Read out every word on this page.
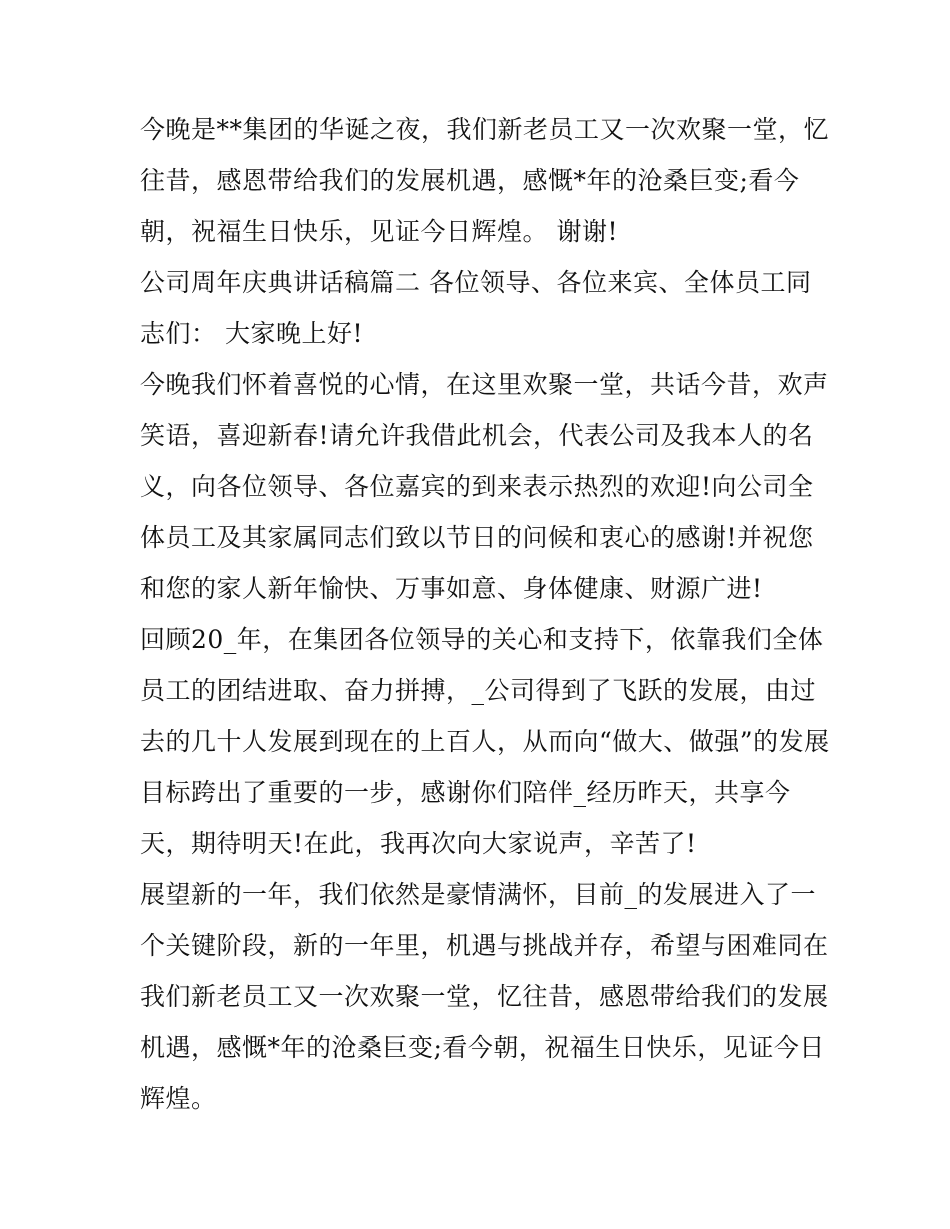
今晚是**集团的华诞之夜，我们新老员工又一次欢聚一堂，忆
往昔，感恩带给我们的发展机遇，感慨*年的沧桑巨变;看今
朝，祝福生日快乐，见证今日辉煌。 谢谢!
公司周年庆典讲话稿篇二 各位领导、各位来宾、全体员工同
志们： 大家晚上好!
今晚我们怀着喜悦的心情，在这里欢聚一堂，共话今昔，欢声
笑语，喜迎新春!请允许我借此机会，代表公司及我本人的名
义，向各位领导、各位嘉宾的到来表示热烈的欢迎!向公司全
体员工及其家属同志们致以节日的问候和衷心的感谢!并祝您
和您的家人新年愉快、万事如意、身体健康、财源广进!
回顾20_年，在集团各位领导的关心和支持下，依靠我们全体
员工的团结进取、奋力拼搏，_公司得到了飞跃的发展，由过
去的几十人发展到现在的上百人，从而向“做大、做强”的发展
目标跨出了重要的一步，感谢你们陪伴_经历昨天，共享今
天，期待明天!在此，我再次向大家说声，辛苦了!
展望新的一年，我们依然是豪情满怀，目前_的发展进入了一
个关键阶段，新的一年里，机遇与挑战并存，希望与困难同在
我们新老员工又一次欢聚一堂，忆往昔，感恩带给我们的发展
机遇，感慨*年的沧桑巨变;看今朝，祝福生日快乐，见证今日
辉煌。
